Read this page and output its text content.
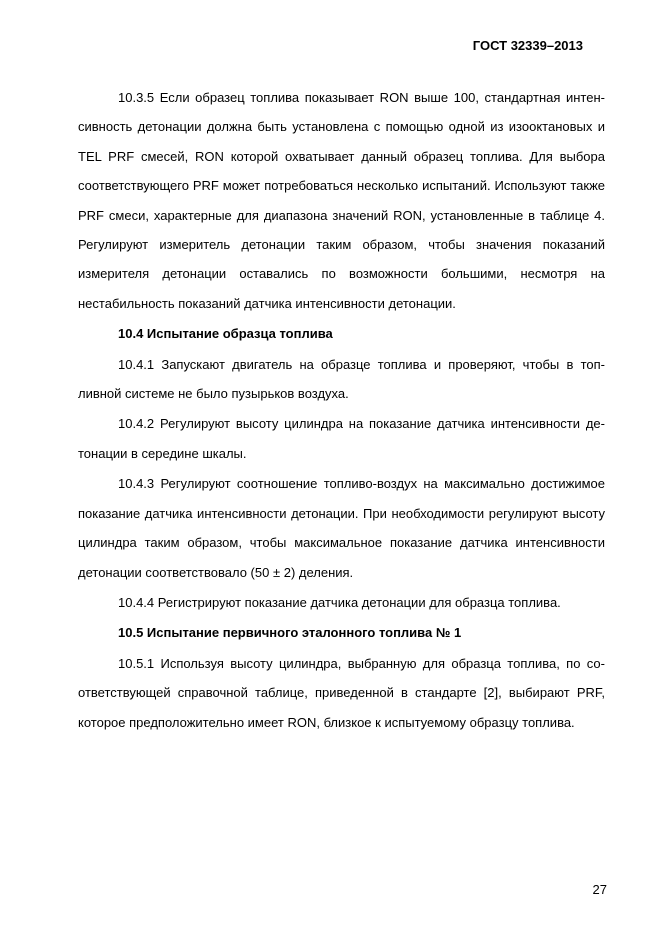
ГОСТ 32339–2013

10.3.5 Если образец топлива показывает RON выше 100, стандартная интенсивность детонации должна быть установлена с помощью одной из изооктановых и TEL PRF смесей, RON которой охватывает данный образец топлива. Для выбора соответствующего PRF может потребоваться несколько испытаний. Используют также PRF смеси, характерные для диапазона значений RON, установленные в таблице 4. Регулируют измеритель детонации таким образом, чтобы значения показаний измерителя детонации оставались по возможности большими, несмотря на нестабильность показаний датчика интенсивности детонации.

10.4 Испытание образца топлива

10.4.1 Запускают двигатель на образце топлива и проверяют, чтобы в топливной системе не было пузырьков воздуха.

10.4.2 Регулируют высоту цилиндра на показание датчика интенсивности детонации в середине шкалы.

10.4.3 Регулируют соотношение топливо-воздух на максимально достижимое показание датчика интенсивности детонации. При необходимости регулируют высоту цилиндра таким образом, чтобы максимальное показание датчика интенсивности детонации соответствовало (50 ± 2) деления.

10.4.4 Регистрируют показание датчика детонации для образца топлива.

10.5 Испытание первичного эталонного топлива № 1

10.5.1 Используя высоту цилиндра, выбранную для образца топлива, по соответствующей справочной таблице, приведенной в стандарте [2], выбирают PRF, которое предположительно имеет RON, близкое к испытуемому образцу топлива.

27
